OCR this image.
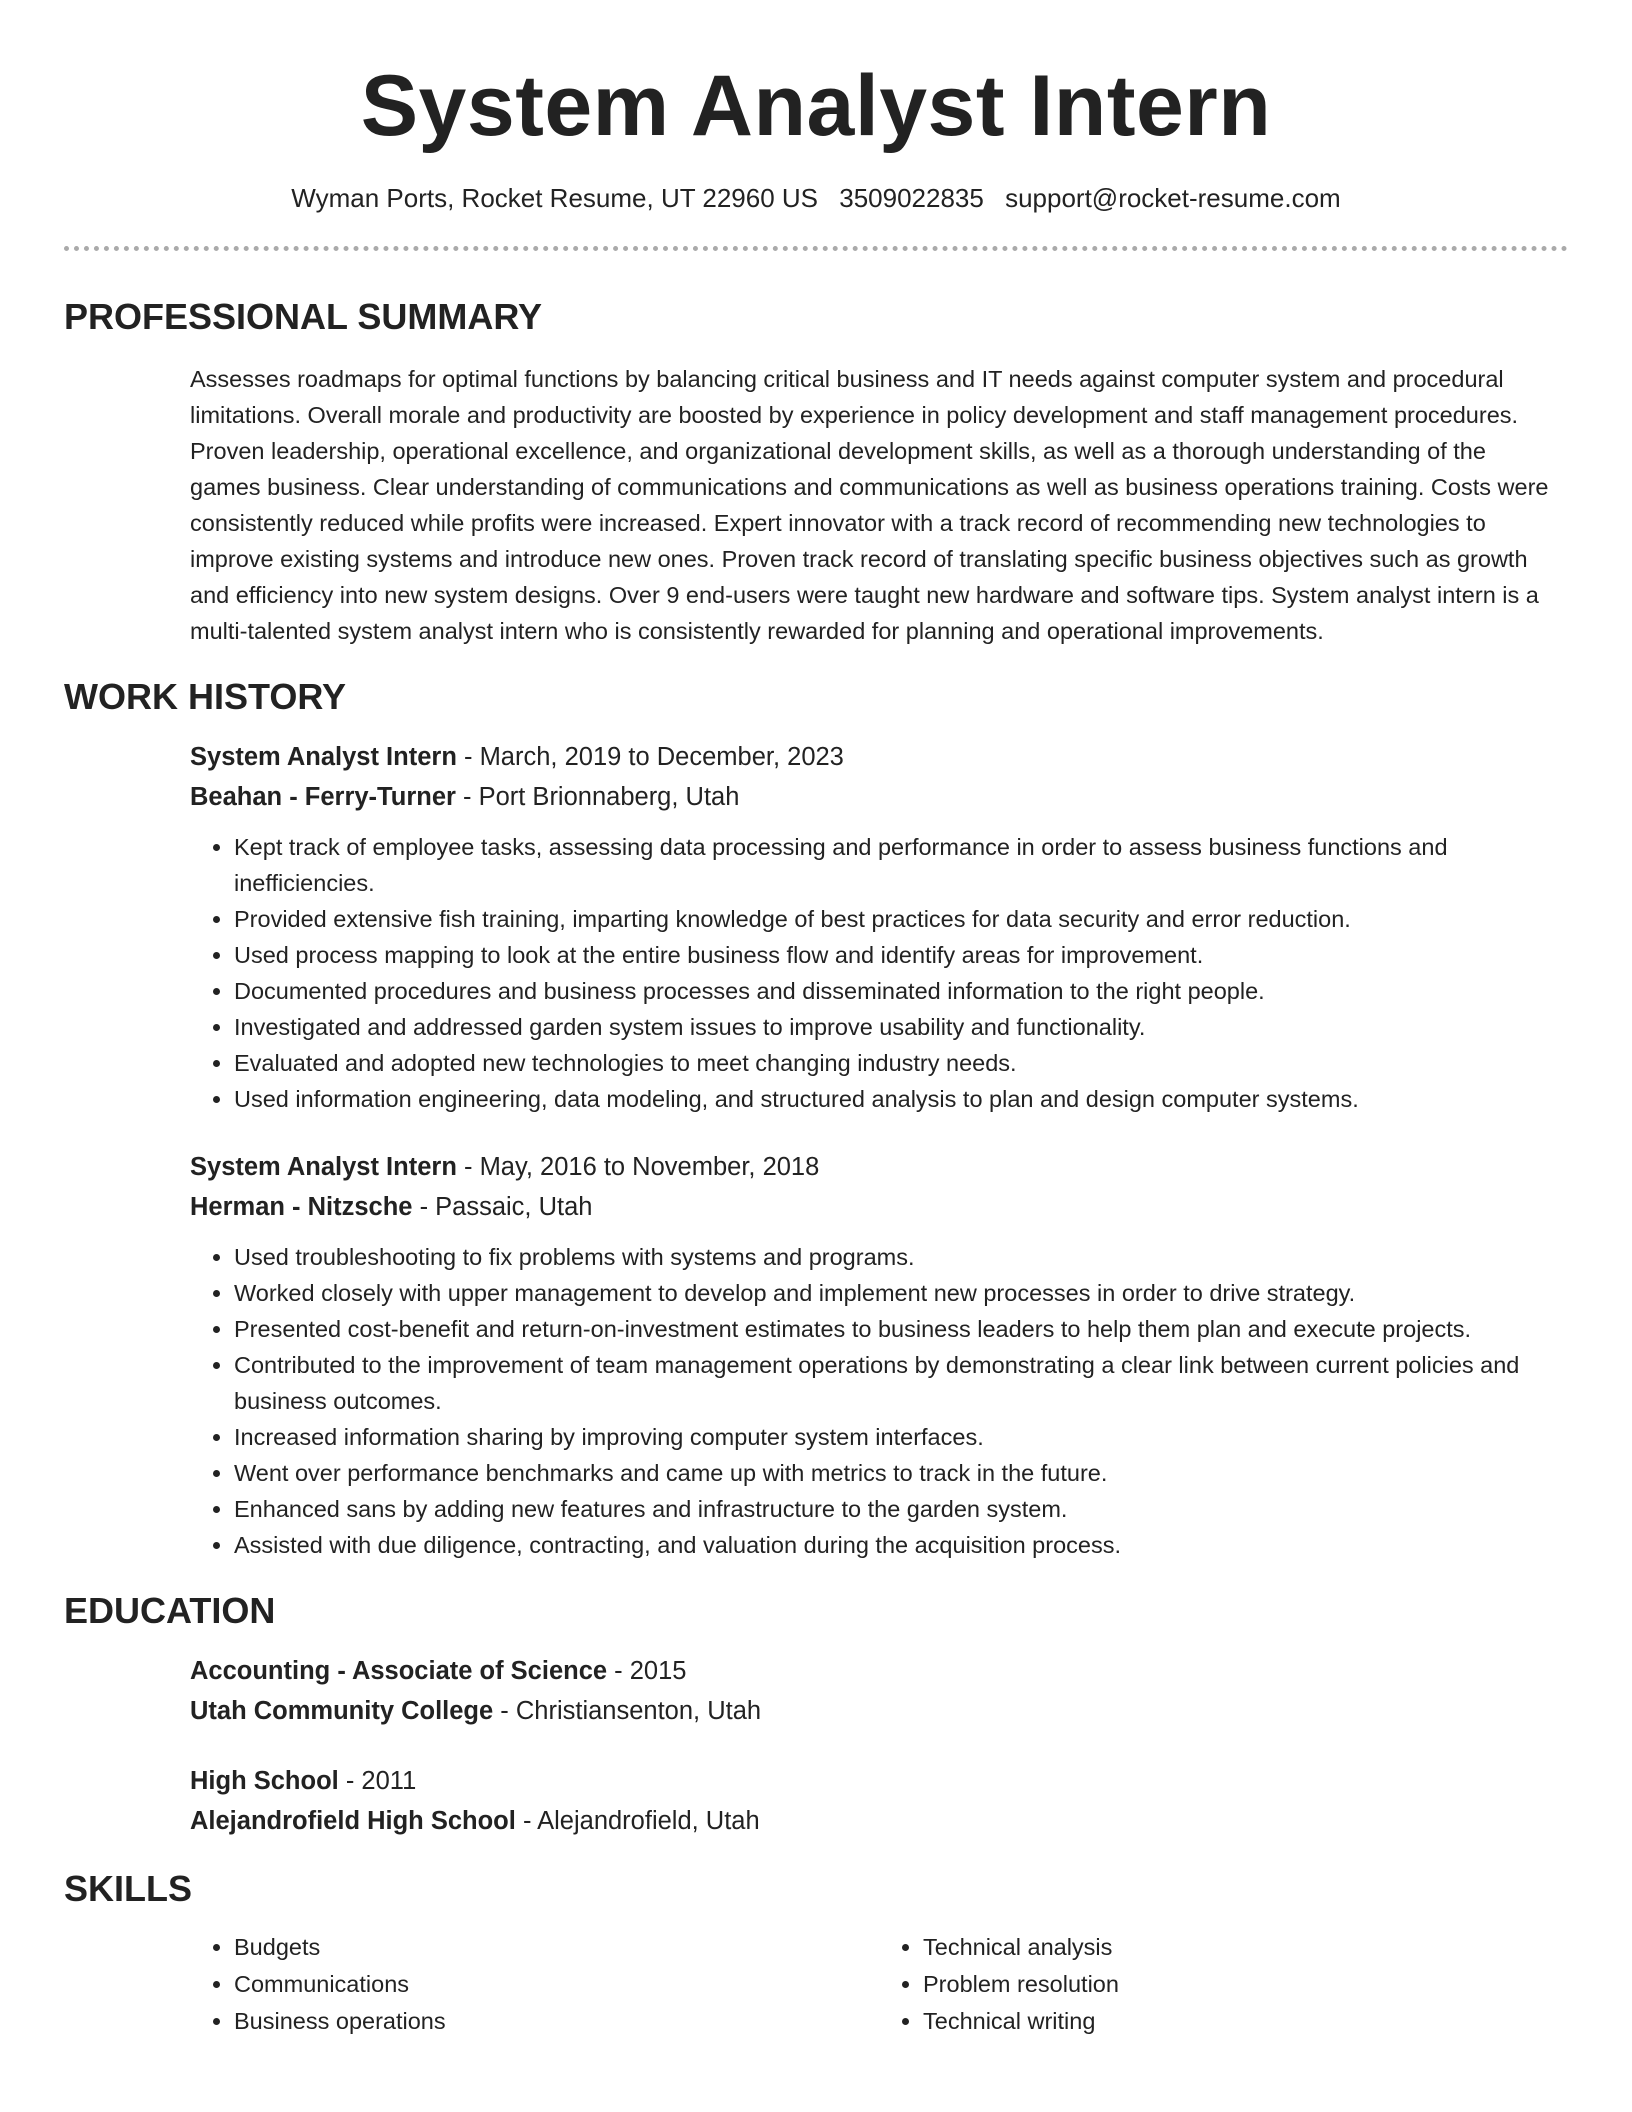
System Analyst Intern
Wyman Ports, Rocket Resume, UT 22960 US 3509022835 support@rocket-resume.com
PROFESSIONAL SUMMARY

Assesses roadmaps for optimal functions by balancing critical business and IT needs against computer system and procedural limitations. Overall morale and productivity are boosted by experience in policy development and staff management procedures. Proven leadership, operational excellence, and organizational development skills, as well as a thorough understanding of the games business. Clear understanding of communications and communications as well as business operations training. Costs were consistently reduced while profits were increased. Expert innovator with a track record of recommending new technologies to improve existing systems and introduce new ones. Proven track record of translating specific business objectives such as growth and efficiency into new system designs. Over 9 end-users were taught new hardware and software tips. System analyst intern is a multi-talented system analyst intern who is consistently rewarded for planning and operational improvements.

WORK HISTORY
System Analyst Intern - March, 2019 to December, 2023
Beahan - Ferry-Turner - Port Brionnaberg, Utah
• Kept track of employee tasks, assessing data processing and performance in order to assess business functions and inefficiencies.
• Provided extensive fish training, imparting knowledge of best practices for data security and error reduction.
• Used process mapping to look at the entire business flow and identify areas for improvement.
• Documented procedures and business processes and disseminated information to the right people.
• Investigated and addressed garden system issues to improve usability and functionality.
• Evaluated and adopted new technologies to meet changing industry needs.
• Used information engineering, data modeling, and structured analysis to plan and design computer systems.
System Analyst Intern - May, 2016 to November, 2018
Herman - Nitzsche - Passaic, Utah
• Used troubleshooting to fix problems with systems and programs.
• Worked closely with upper management to develop and implement new processes in order to drive strategy.
• Presented cost-benefit and return-on-investment estimates to business leaders to help them plan and execute projects.
• Contributed to the improvement of team management operations by demonstrating a clear link between current policies and business outcomes.
• Increased information sharing by improving computer system interfaces.
• Went over performance benchmarks and came up with metrics to track in the future.
• Enhanced sans by adding new features and infrastructure to the garden system.
• Assisted with due diligence, contracting, and valuation during the acquisition process.
EDUCATION
Accounting - Associate of Science - 2015
Utah Community College - Christiansenton, Utah
High School - 2011
Alejandrofield High School - Alejandrofield, Utah
SKILLS
• Budgets
• Communications
• Business operations
• Technical analysis
• Problem resolution
• Technical writing
